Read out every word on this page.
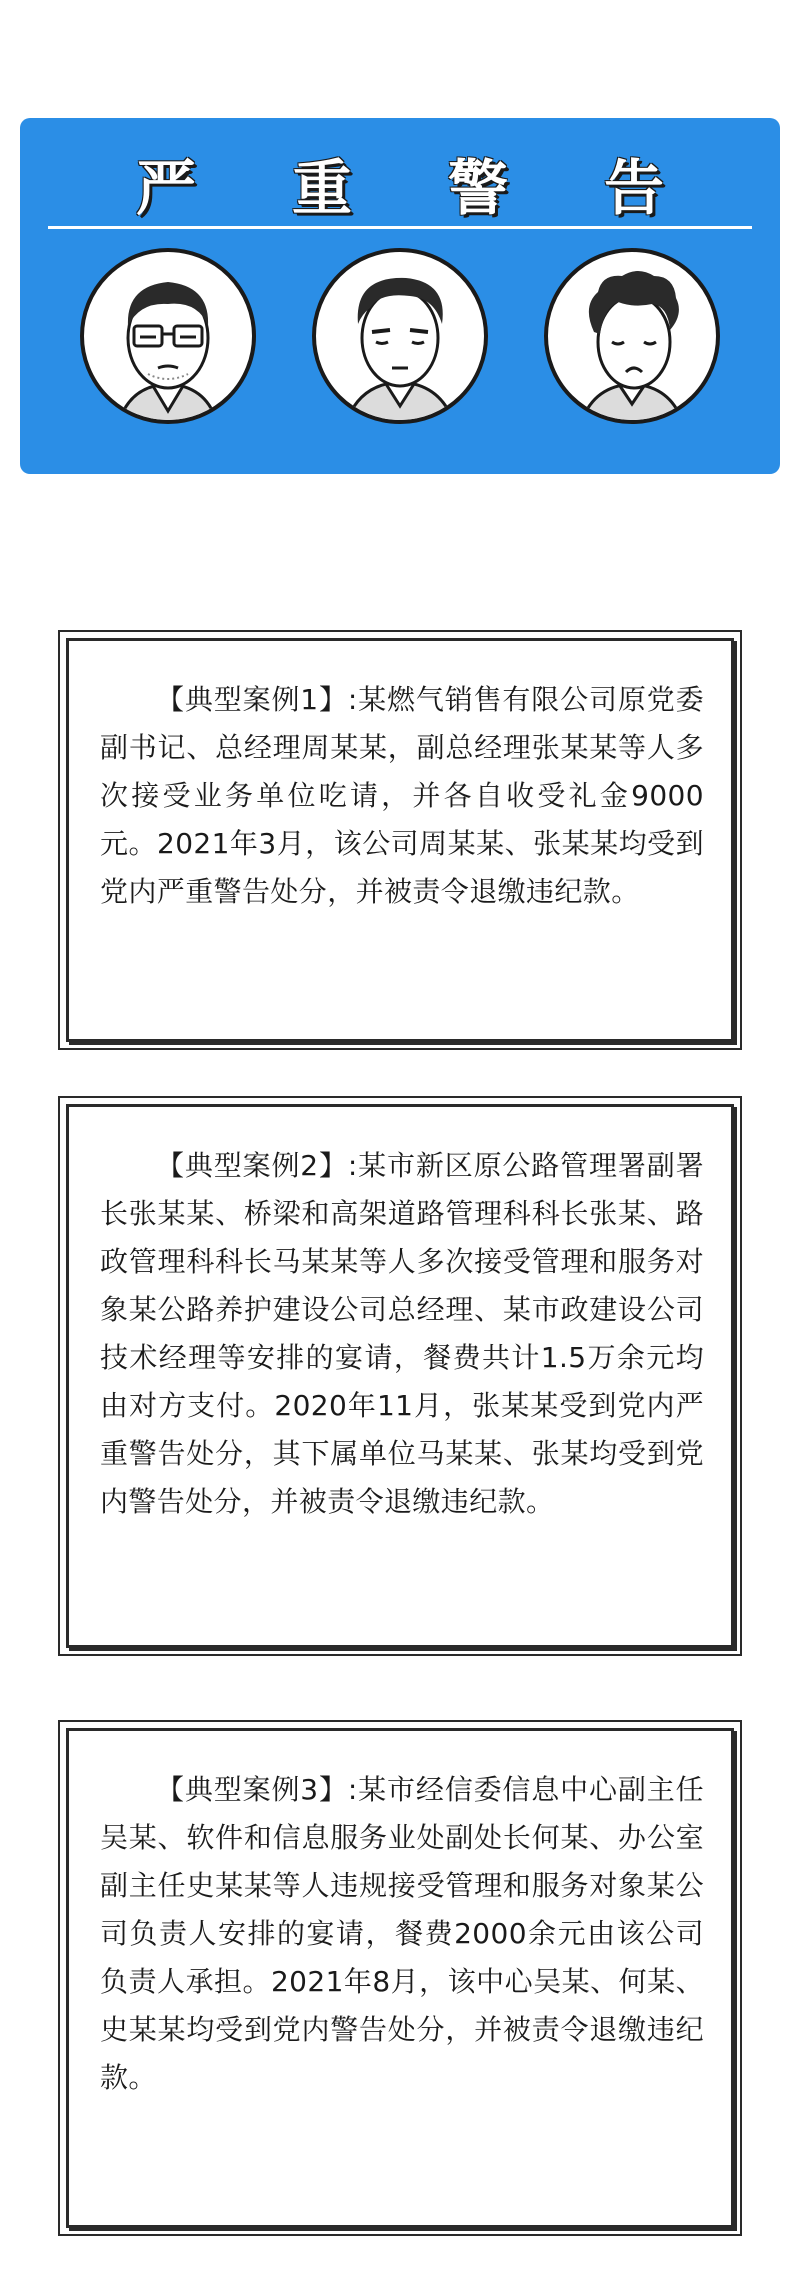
严 重 警 告

【典型案例1】:某燃气销售有限公司原党委副书记、总经理周某某，副总经理张某某等人多次接受业务单位吃请，并各自收受礼金9000元。2021年3月，该公司周某某、张某某均受到党内严重警告处分，并被责令退缴违纪款。

【典型案例2】:某市新区原公路管理署副署长张某某、桥梁和高架道路管理科科长张某、路政管理科科长马某某等人多次接受管理和服务对象某公路养护建设公司总经理、某市政建设公司技术经理等安排的宴请，餐费共计1.5万余元均由对方支付。2020年11月，张某某受到党内严重警告处分，其下属单位马某某、张某均受到党内警告处分，并被责令退缴违纪款。

【典型案例3】:某市经信委信息中心副主任吴某、软件和信息服务业处副处长何某、办公室副主任史某某等人违规接受管理和服务对象某公司负责人安排的宴请，餐费2000余元由该公司负责人承担。2021年8月，该中心吴某、何某、史某某均受到党内警告处分，并被责令退缴违纪款。
